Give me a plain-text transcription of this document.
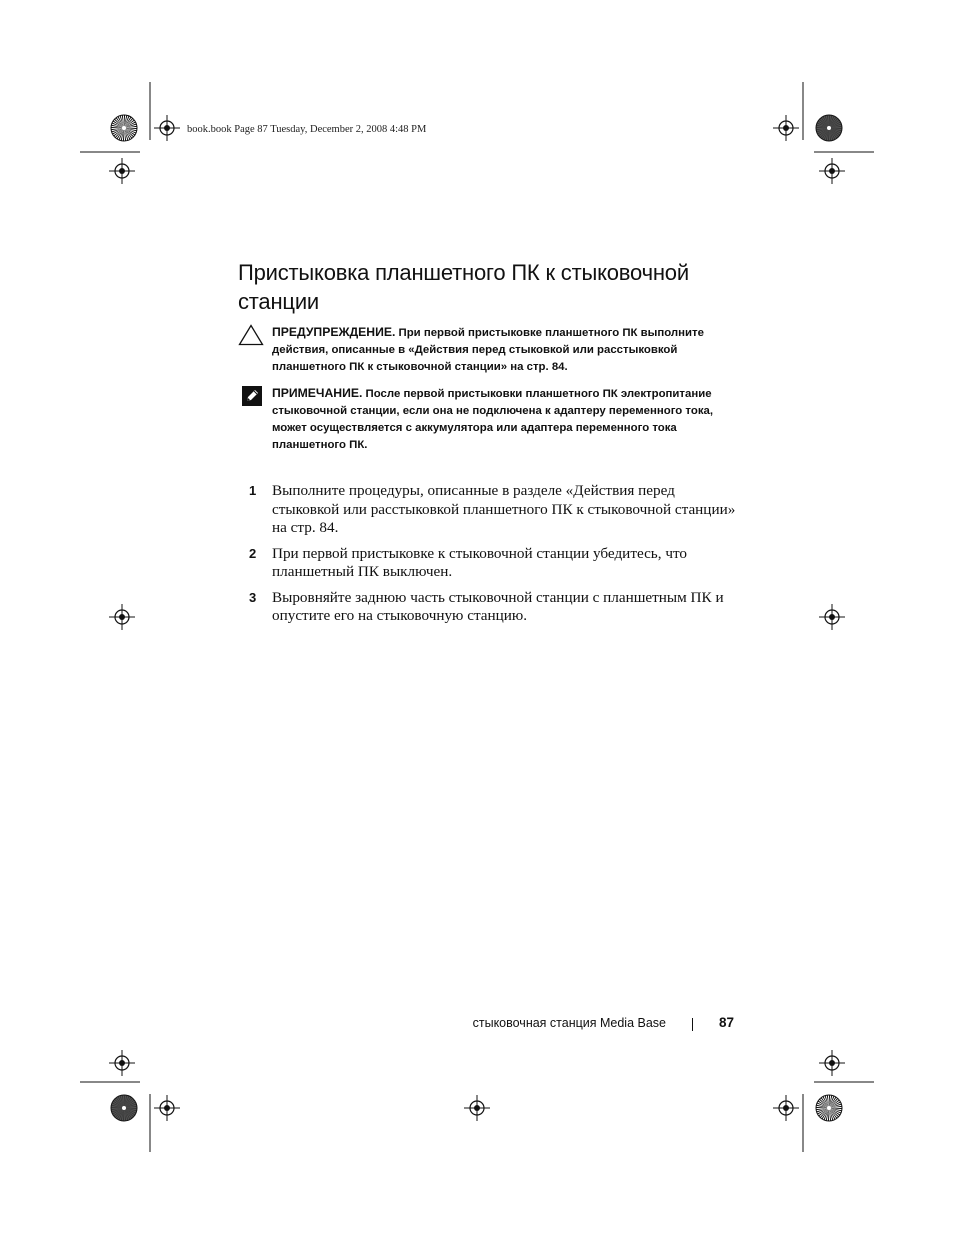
book.book Page 87 Tuesday, December 2, 2008 4:48 PM
Пристыковка планшетного ПК к стыковочной станции
ПРЕДУПРЕЖДЕНИЕ. При первой пристыковке планшетного ПК выполните действия, описанные в «Действия перед стыковкой или расстыковкой планшетного ПК к стыковочной станции» на стр. 84.
ПРИМЕЧАНИЕ. После первой пристыковки планшетного ПК электропитание стыковочной станции, если она не подключена к адаптеру переменного тока, может осуществляется с аккумулятора или адаптера переменного тока планшетного ПК.
1 Выполните процедуры, описанные в разделе «Действия перед стыковкой или расстыковкой планшетного ПК к стыковочной станции» на стр. 84.
2 При первой пристыковке к стыковочной станции убедитесь, что планшетный ПК выключен.
3 Выровняйте заднюю часть стыковочной станции с планшетным ПК и опустите его на стыковочную станцию.
стыковочная станция Media Base	87
